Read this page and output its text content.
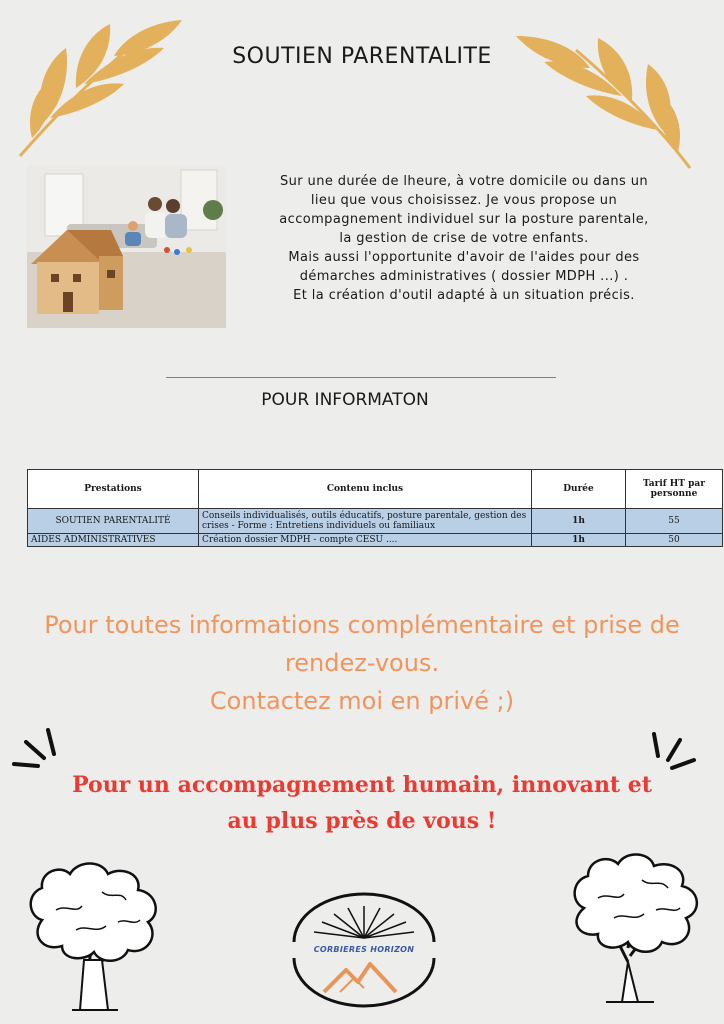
SOUTIEN PARENTALITE
Sur une durée de lheure, à votre domicile ou dans un
lieu que vous choisissez. Je vous propose un
accompagnement individuel sur la posture parentale,
la gestion de crise de votre enfants.
Mais aussi l'opportunite d'avoir de l'aides pour des
démarches administratives ( dossier MDPH ...) .
Et la création d'outil adapté à un situation précis.
POUR INFORMATON
Prestations	Contenu inclus	Durée	Tarif HT par personne
SOUTIEN PARENTALITÉ	Conseils individualisés, outils éducatifs, posture parentale, gestion des crises - Forme : Entretiens individuels ou familiaux	1h	55
AIDES ADMINISTRATIVES	Création dossier MDPH - compte CESU ....	1h	50
Pour toutes informations complémentaire et prise de
rendez-vous.
Contactez moi en privé ;)
Pour un accompagnement humain, innovant et
au plus près de vous !
CORBIERES HORIZON
